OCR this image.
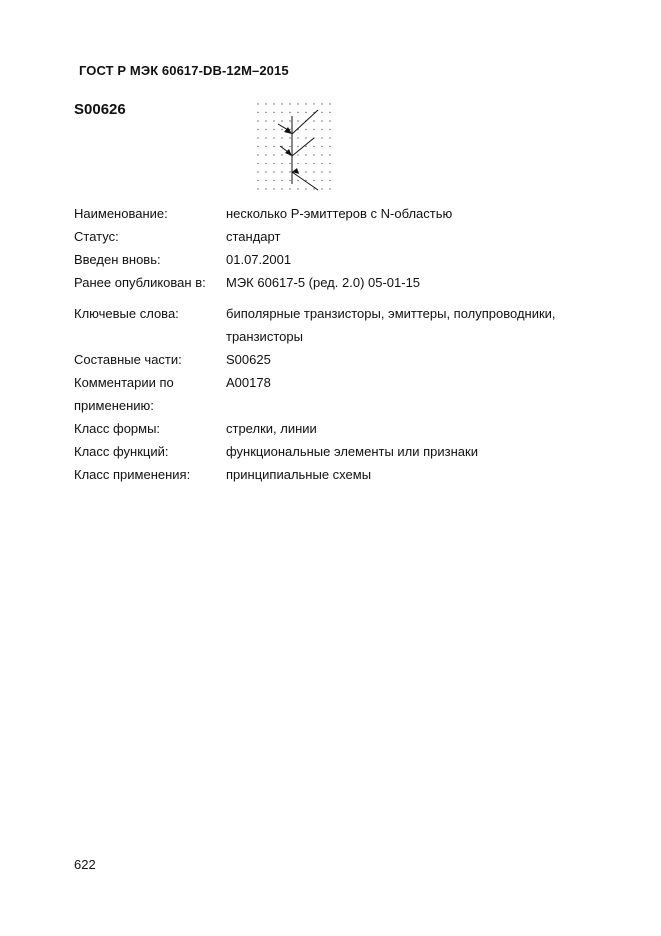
ГОСТ Р МЭК 60617-DB-12M–2015
S00626
Наименование:	несколько Р-эмиттеров с N-областью
Статус:	стандарт
Введен вновь:	01.07.2001
Ранее опубликован в:	МЭК 60617-5 (ред. 2.0) 05-01-15
Ключевые слова:	биполярные транзисторы, эмиттеры, полупроводники,
транзисторы
Составные части:	S00625
Комментарии по
применению:
A00178
Класс формы:	стрелки, линии
Класс функций:	функциональные элементы или признаки
Класс применения:	принципиальные схемы
622
